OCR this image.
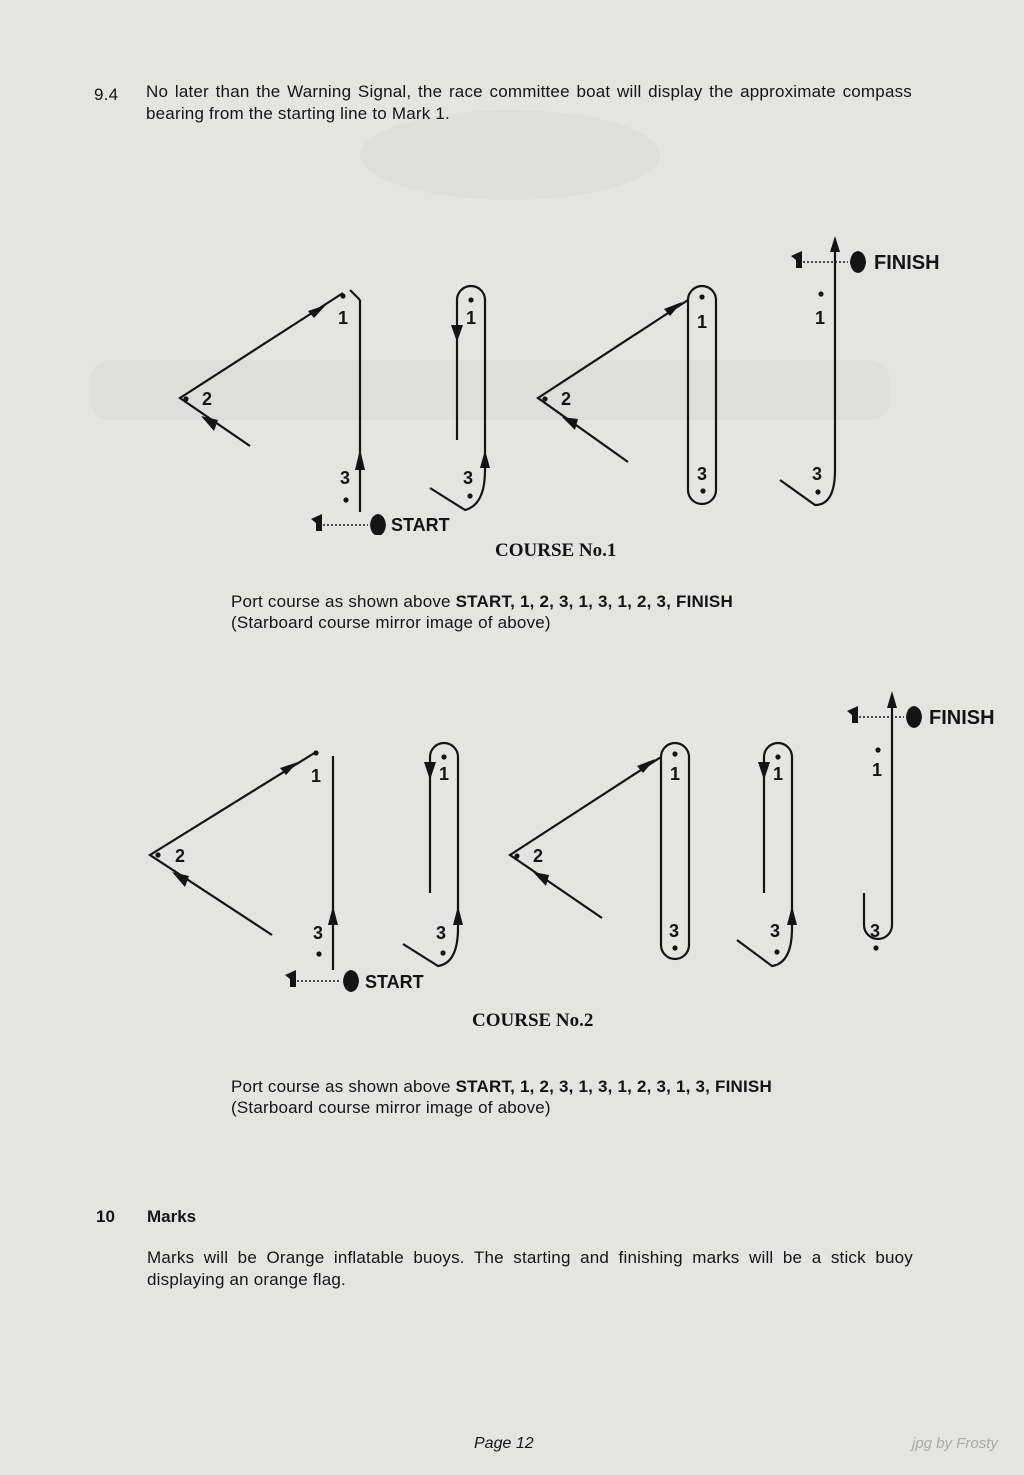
9.4 No later than the Warning Signal, the race committee boat will display the approximate compass bearing from the starting line to Mark 1.
1
2
3
START
1
3
1
2
3
FINISH
1
3
COURSE No.1
Port course as shown above START, 1, 2, 3, 1, 3, 1, 2, 3, FINISH
(Starboard course mirror image of above)
1
2
3
START
1
3
1
2
3
1
3
FINISH
1
3
COURSE No.2
Port course as shown above START, 1, 2, 3, 1, 3, 1, 2, 3, 1, 3, FINISH
(Starboard course mirror image of above)
10 Marks
Marks will be Orange inflatable buoys. The starting and finishing marks will be a stick buoy displaying an orange flag.
Page 12	jpg by Frosty
